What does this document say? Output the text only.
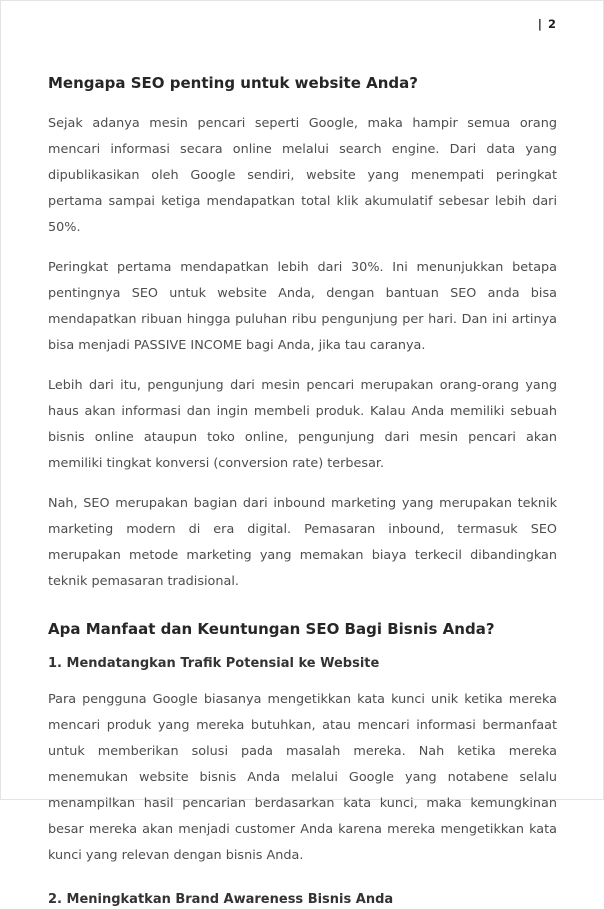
| 2
Mengapa SEO penting untuk website Anda?

Sejak adanya mesin pencari seperti Google, maka hampir semua orang mencari informasi secara online melalui search engine. Dari data yang dipublikasikan oleh Google sendiri, website yang menempati peringkat pertama sampai ketiga mendapatkan total klik akumulatif sebesar lebih dari 50%.

Peringkat pertama mendapatkan lebih dari 30%. Ini menunjukkan betapa pentingnya SEO untuk website Anda, dengan bantuan SEO anda bisa mendapatkan ribuan hingga puluhan ribu pengunjung per hari. Dan ini artinya bisa menjadi PASSIVE INCOME bagi Anda, jika tau caranya.

Lebih dari itu, pengunjung dari mesin pencari merupakan orang-orang yang haus akan informasi dan ingin membeli produk. Kalau Anda memiliki sebuah bisnis online ataupun toko online, pengunjung dari mesin pencari akan memiliki tingkat konversi (conversion rate) terbesar.

Nah, SEO merupakan bagian dari inbound marketing yang merupakan teknik marketing modern di era digital. Pemasaran inbound, termasuk SEO merupakan metode marketing yang memakan biaya terkecil dibandingkan teknik pemasaran tradisional.

Apa Manfaat dan Keuntungan SEO Bagi Bisnis Anda?
1. Mendatangkan Trafik Potensial ke Website

Para pengguna Google biasanya mengetikkan kata kunci unik ketika mereka mencari produk yang mereka butuhkan, atau mencari informasi bermanfaat untuk memberikan solusi pada masalah mereka. Nah ketika mereka menemukan website bisnis Anda melalui Google yang notabene selalu menampilkan hasil pencarian berdasarkan kata kunci, maka kemungkinan besar mereka akan menjadi customer Anda karena mereka mengetikkan kata kunci yang relevan dengan bisnis Anda.

2. Meningkatkan Brand Awareness Bisnis Anda
